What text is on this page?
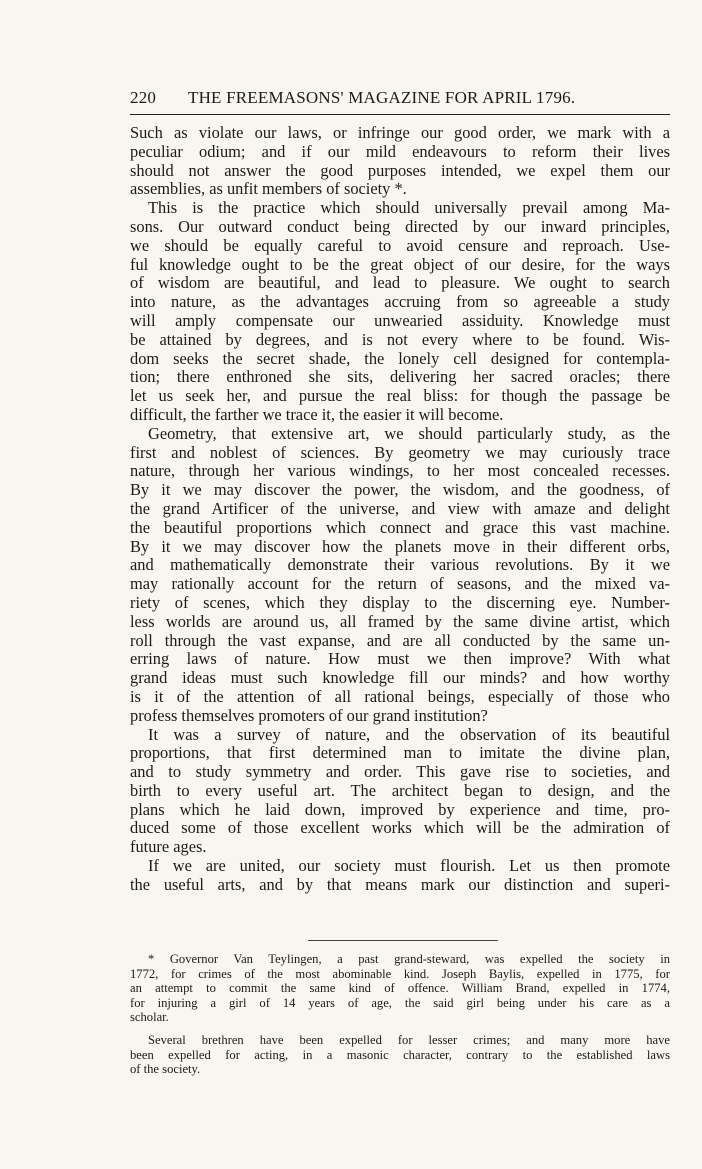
220 THE FREEMASONS' MAGAZINE FOR APRIL 1796.
Such as violate our laws, or infringe our good order, we mark with a
peculiar odium; and if our mild endeavours to reform their lives
should not answer the good purposes intended, we expel them our
assemblies, as unfit members of society *.
This is the practice which should universally prevail among Ma-
sons. Our outward conduct being directed by our inward principles,
we should be equally careful to avoid censure and reproach. Use-
ful knowledge ought to be the great object of our desire, for the ways
of wisdom are beautiful, and lead to pleasure. We ought to search
into nature, as the advantages accruing from so agreeable a study
will amply compensate our unwearied assiduity. Knowledge must
be attained by degrees, and is not every where to be found. Wis-
dom seeks the secret shade, the lonely cell designed for contempla-
tion; there enthroned she sits, delivering her sacred oracles; there
let us seek her, and pursue the real bliss: for though the passage be
difficult, the farther we trace it, the easier it will become.
Geometry, that extensive art, we should particularly study, as the
first and noblest of sciences. By geometry we may curiously trace
nature, through her various windings, to her most concealed recesses.
By it we may discover the power, the wisdom, and the goodness, of
the grand Artificer of the universe, and view with amaze and delight
the beautiful proportions which connect and grace this vast machine.
By it we may discover how the planets move in their different orbs,
and mathematically demonstrate their various revolutions. By it we
may rationally account for the return of seasons, and the mixed va-
riety of scenes, which they display to the discerning eye. Number-
less worlds are around us, all framed by the same divine artist, which
roll through the vast expanse, and are all conducted by the same un-
erring laws of nature. How must we then improve? With what
grand ideas must such knowledge fill our minds? and how worthy
is it of the attention of all rational beings, especially of those who
profess themselves promoters of our grand institution?
It was a survey of nature, and the observation of its beautiful
proportions, that first determined man to imitate the divine plan,
and to study symmetry and order. This gave rise to societies, and
birth to every useful art. The architect began to design, and the
plans which he laid down, improved by experience and time, pro-
duced some of those excellent works which will be the admiration of
future ages.
If we are united, our society must flourish. Let us then promote
the useful arts, and by that means mark our distinction and superi-
* Governor Van Teylingen, a past grand-steward, was expelled the society in
1772, for crimes of the most abominable kind. Joseph Baylis, expelled in 1775, for
an attempt to commit the same kind of offence. William Brand, expelled in 1774,
for injuring a girl of 14 years of age, the said girl being under his care as a
scholar.
Several brethren have been expelled for lesser crimes; and many more have
been expelled for acting, in a masonic character, contrary to the established laws
of the society.
